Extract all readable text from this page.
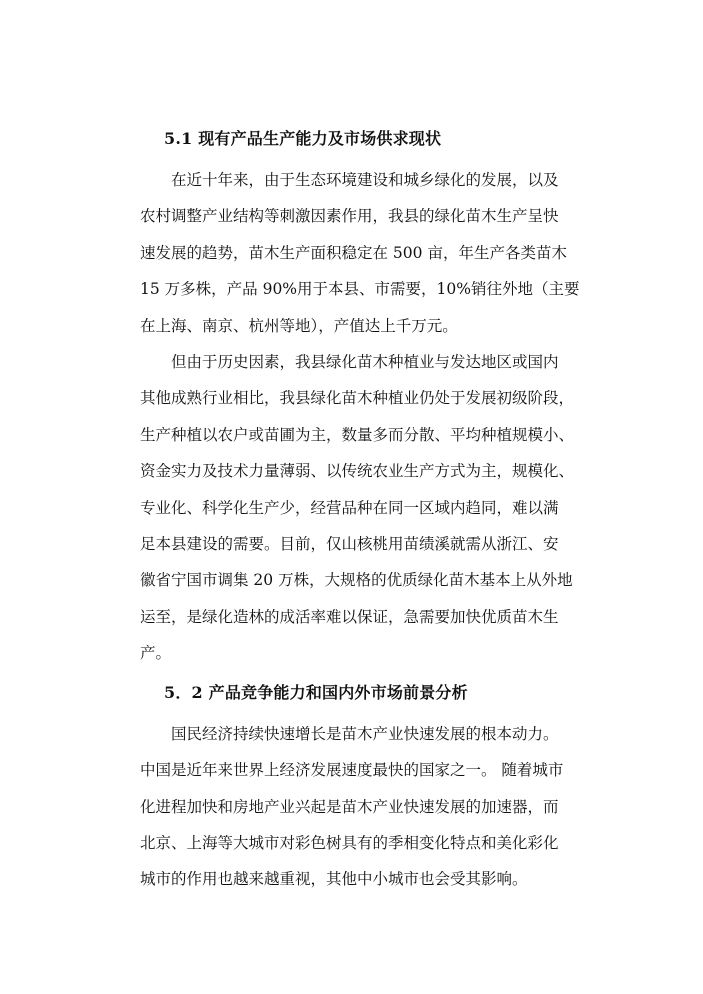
5.1 现有产品生产能力及市场供求现状

在近十年来，由于生态环境建设和城乡绿化的发展，以及
农村调整产业结构等刺激因素作用，我县的绿化苗木生产呈快
速发展的趋势，苗木生产面积稳定在 500 亩，年生产各类苗木
15 万多株，产品 90%用于本县、市需要，10%销往外地（主要
在上海、南京、杭州等地），产值达上千万元。

但由于历史因素，我县绿化苗木种植业与发达地区或国内
其他成熟行业相比，我县绿化苗木种植业仍处于发展初级阶段，
生产种植以农户或苗圃为主，数量多而分散、平均种植规模小、
资金实力及技术力量薄弱、以传统农业生产方式为主，规模化、
专业化、科学化生产少，经营品种在同一区域内趋同，难以满
足本县建设的需要。目前，仅山核桃用苗绩溪就需从浙江、安
徽省宁国市调集 20 万株，大规格的优质绿化苗木基本上从外地
运至，是绿化造林的成活率难以保证，急需要加快优质苗木生
产。

5．2 产品竞争能力和国内外市场前景分析

国民经济持续快速增长是苗木产业快速发展的根本动力。
中国是近年来世界上经济发展速度最快的国家之一。 随着城市
化进程加快和房地产业兴起是苗木产业快速发展的加速器，而
北京、上海等大城市对彩色树具有的季相变化特点和美化彩化
城市的作用也越来越重视，其他中小城市也会受其影响。
